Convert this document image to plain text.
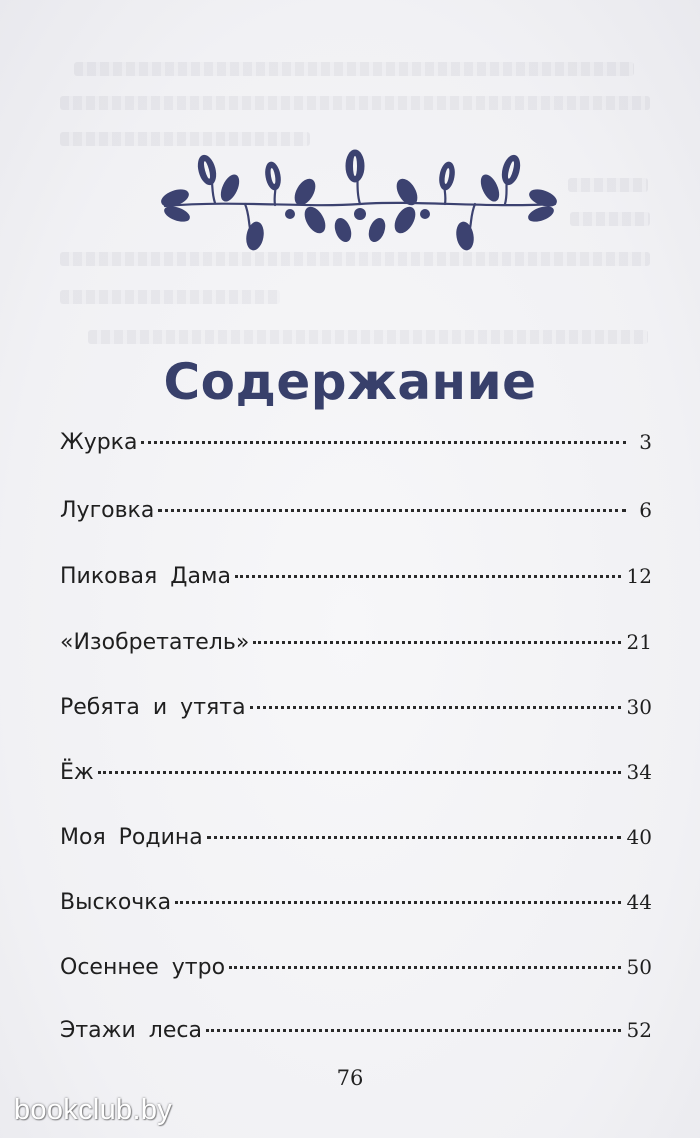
Содержание
Журка	3
Луговка	6
Пиковая Дама	12
«Изобретатель»	21
Ребята и утята	30
Ёж	34
Моя Родина	40
Выскочка	44
Осеннее утро	50
Этажи леса	52
76
bookclub.by
